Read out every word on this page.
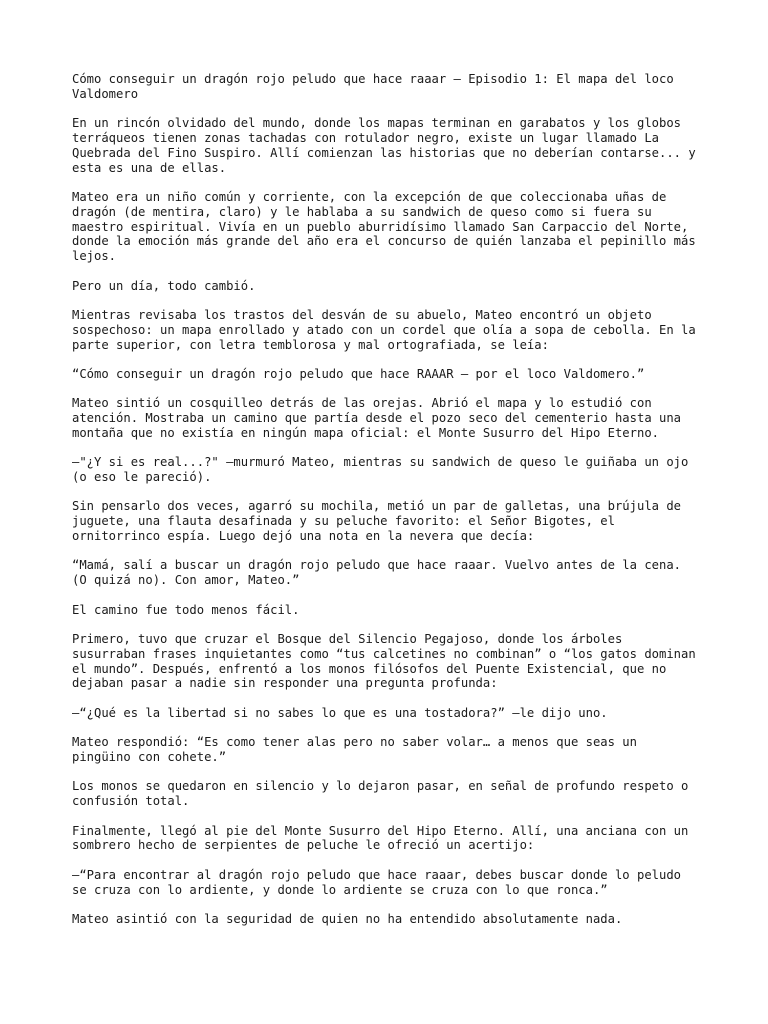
Cómo conseguir un dragón rojo peludo que hace raaar — Episodio 1: El mapa del loco Valdomero

En un rincón olvidado del mundo, donde los mapas terminan en garabatos y los globos terráqueos tienen zonas tachadas con rotulador negro, existe un lugar llamado La Quebrada del Fino Suspiro. Allí comienzan las historias que no deberían contarse... y esta es una de ellas.

Mateo era un niño común y corriente, con la excepción de que coleccionaba uñas de dragón (de mentira, claro) y le hablaba a su sandwich de queso como si fuera su maestro espiritual. Vivía en un pueblo aburridísimo llamado San Carpaccio del Norte, donde la emoción más grande del año era el concurso de quién lanzaba el pepinillo más lejos.

Pero un día, todo cambió.

Mientras revisaba los trastos del desván de su abuelo, Mateo encontró un objeto sospechoso: un mapa enrollado y atado con un cordel que olía a sopa de cebolla. En la parte superior, con letra temblorosa y mal ortografiada, se leía:

“Cómo conseguir un dragón rojo peludo que hace RAAAR — por el loco Valdomero.”

Mateo sintió un cosquilleo detrás de las orejas. Abrió el mapa y lo estudió con atención. Mostraba un camino que partía desde el pozo seco del cementerio hasta una montaña que no existía en ningún mapa oficial: el Monte Susurro del Hipo Eterno.

—"¿Y si es real...?" —murmuró Mateo, mientras su sandwich de queso le guiñaba un ojo (o eso le pareció).

Sin pensarlo dos veces, agarró su mochila, metió un par de galletas, una brújula de juguete, una flauta desafinada y su peluche favorito: el Señor Bigotes, el ornitorrinco espía. Luego dejó una nota en la nevera que decía:

“Mamá, salí a buscar un dragón rojo peludo que hace raaar. Vuelvo antes de la cena. (O quizá no). Con amor, Mateo.”

El camino fue todo menos fácil.

Primero, tuvo que cruzar el Bosque del Silencio Pegajoso, donde los árboles susurraban frases inquietantes como “tus calcetines no combinan” o “los gatos dominan el mundo”. Después, enfrentó a los monos filósofos del Puente Existencial, que no dejaban pasar a nadie sin responder una pregunta profunda:

—“¿Qué es la libertad si no sabes lo que es una tostadora?” —le dijo uno.

Mateo respondió: “Es como tener alas pero no saber volar… a menos que seas un pingüino con cohete.”

Los monos se quedaron en silencio y lo dejaron pasar, en señal de profundo respeto o confusión total.

Finalmente, llegó al pie del Monte Susurro del Hipo Eterno. Allí, una anciana con un sombrero hecho de serpientes de peluche le ofreció un acertijo:

—“Para encontrar al dragón rojo peludo que hace raaar, debes buscar donde lo peludo se cruza con lo ardiente, y donde lo ardiente se cruza con lo que ronca.”

Mateo asintió con la seguridad de quien no ha entendido absolutamente nada.
